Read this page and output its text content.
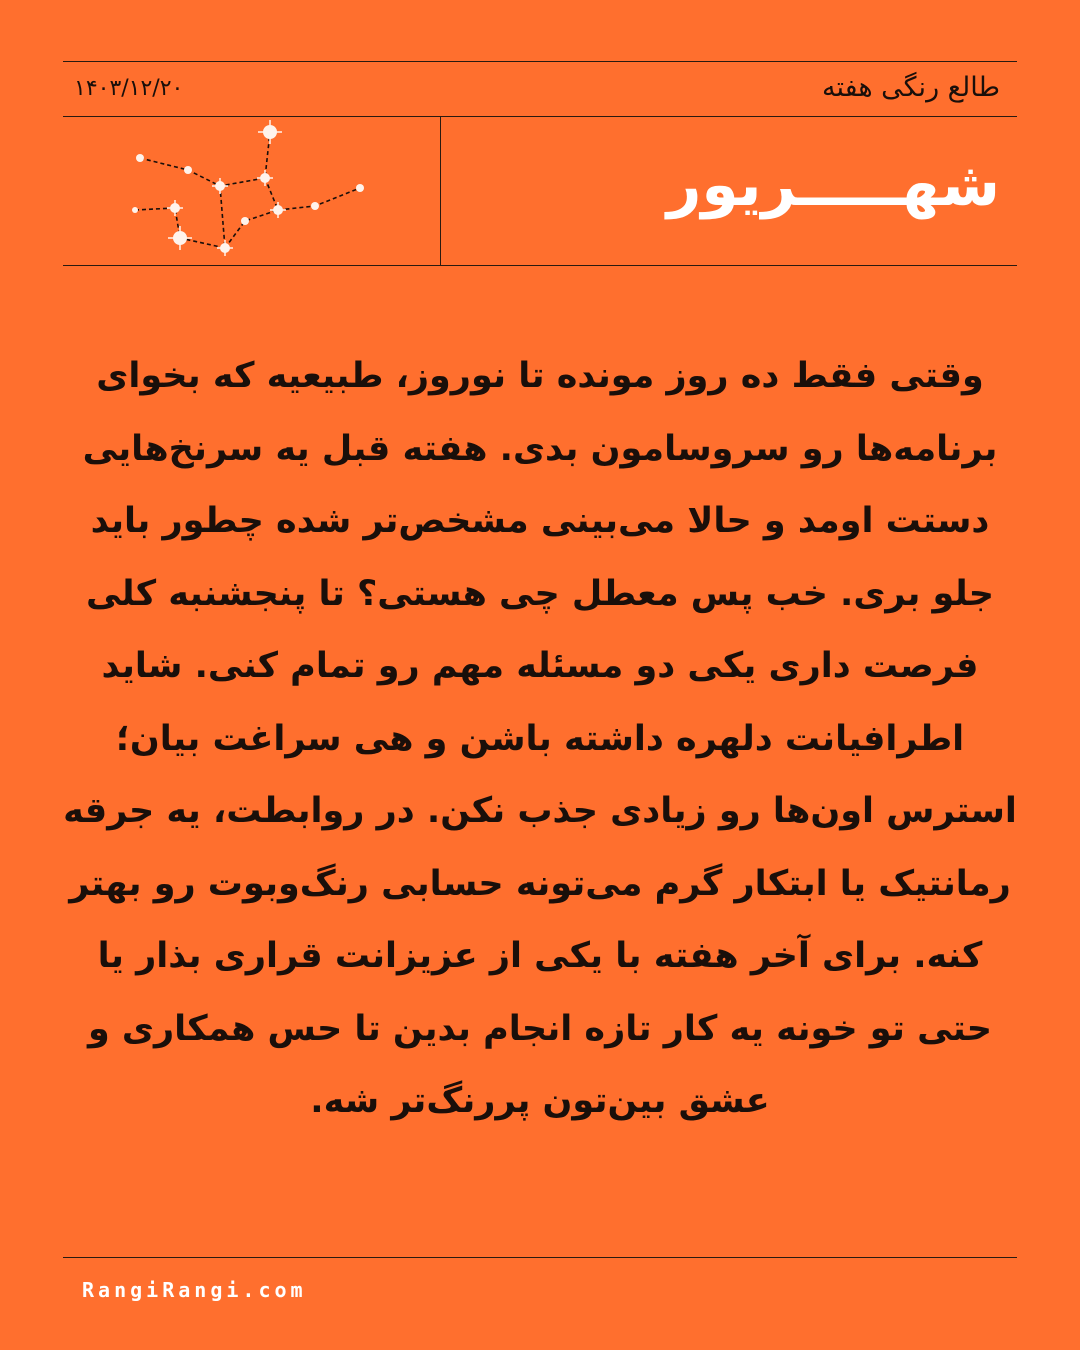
طالع رنگی هفته
۱۴۰۳/۱۲/۲۰
شهـــــریور
وقتی فقط ده روز مونده تا نوروز، طبیعیه که بخوای برنامه‌ها رو سروسامون بدی. هفته قبل یه سرنخ‌هایی دستت اومد و حالا می‌بینی مشخص‌تر شده چطور باید جلو بری. خب پس معطل چی هستی؟ تا پنجشنبه کلی فرصت داری یکی دو مسئله مهم رو تمام کنی. شاید اطرافیانت دلهره داشته باشن و هی سراغت بیان؛ استرس اون‌ها رو زیادی جذب نکن. در روابطت، یه جرقه رمانتیک یا ابتکار گرم می‌تونه حسابی رنگ‌وبوت رو بهتر کنه. برای آخر هفته با یکی از عزیزانت قراری بذار یا حتی تو خونه یه کار تازه انجام بدین تا حس همکاری و عشق بین‌تون پررنگ‌تر شه.
RangiRangi.com
